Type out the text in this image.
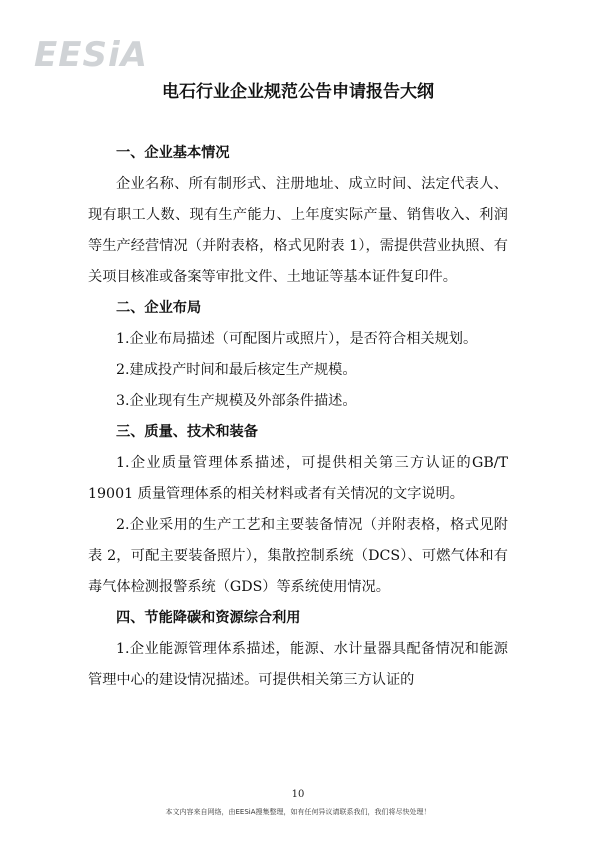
EESiA
电石行业企业规范公告申请报告大纲
一、企业基本情况

企业名称、所有制形式、注册地址、成立时间、法定代表人、现有职工人数、现有生产能力、上年度实际产量、销售收入、利润等生产经营情况（并附表格，格式见附表 1），需提供营业执照、有关项目核准或备案等审批文件、土地证等基本证件复印件。

二、企业布局

1.企业布局描述（可配图片或照片），是否符合相关规划。

2.建成投产时间和最后核定生产规模。

3.企业现有生产规模及外部条件描述。

三、质量、技术和装备

1.企业质量管理体系描述，可提供相关第三方认证的GB/T 19001 质量管理体系的相关材料或者有关情况的文字说明。

2.企业采用的生产工艺和主要装备情况（并附表格，格式见附表 2，可配主要装备照片），集散控制系统（DCS）、可燃气体和有毒气体检测报警系统（GDS）等系统使用情况。

四、节能降碳和资源综合利用

1.企业能源管理体系描述，能源、水计量器具配备情况和能源管理中心的建设情况描述。可提供相关第三方认证的

10
本文内容来自网络，由EESiA搜集整理，如有任何异议请联系我们，我们将尽快处理！
